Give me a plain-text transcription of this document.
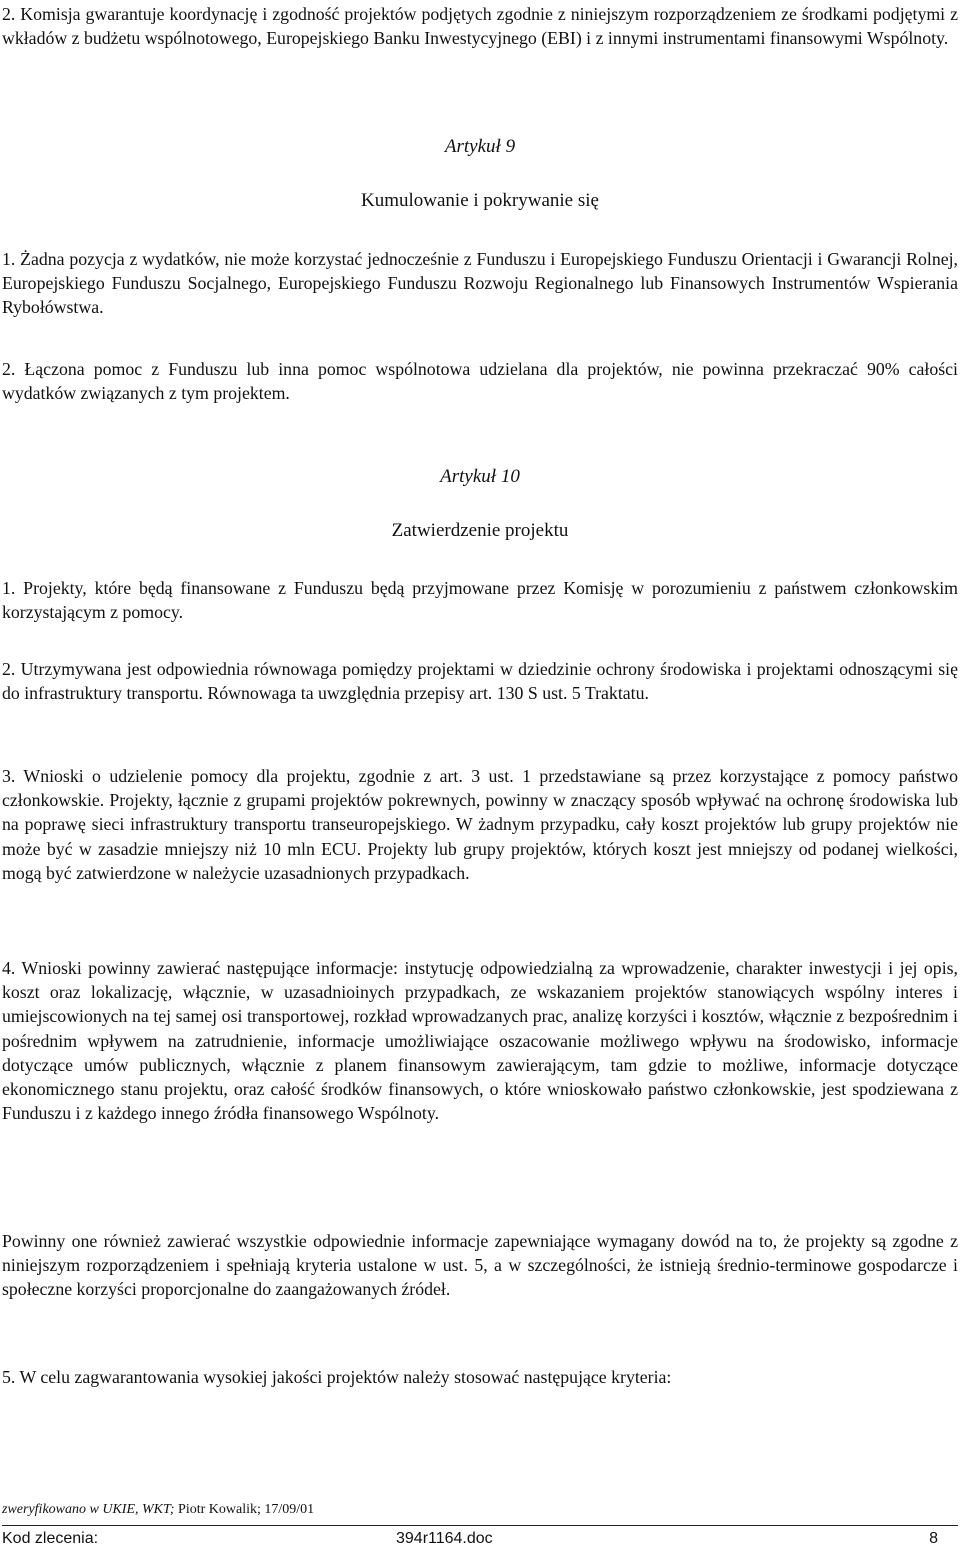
2. Komisja gwarantuje koordynację i zgodność projektów podjętych zgodnie z niniejszym rozporządzeniem ze środkami podjętymi z wkładów z budżetu wspólnotowego, Europejskiego Banku Inwestycyjnego (EBI) i z innymi instrumentami finansowymi Wspólnoty.

Artykuł 9

Kumulowanie i pokrywanie się

1. Żadna pozycja z wydatków, nie może korzystać jednocześnie z Funduszu i Europejskiego Funduszu Orientacji i Gwarancji Rolnej, Europejskiego Funduszu Socjalnego, Europejskiego Funduszu Rozwoju Regionalnego lub Finansowych Instrumentów Wspierania Rybołówstwa.

2. Łączona pomoc z Funduszu lub inna pomoc wspólnotowa udzielana dla projektów, nie powinna przekraczać 90% całości wydatków związanych z tym projektem.

Artykuł 10

Zatwierdzenie projektu

1. Projekty, które będą finansowane z Funduszu będą przyjmowane przez Komisję w porozumieniu z państwem członkowskim korzystającym z pomocy.

2. Utrzymywana jest odpowiednia równowaga pomiędzy projektami w dziedzinie ochrony środowiska i projektami odnoszącymi się do infrastruktury transportu. Równowaga ta uwzględnia przepisy art. 130 S ust. 5 Traktatu.

3. Wnioski o udzielenie pomocy dla projektu, zgodnie z art. 3 ust. 1 przedstawiane są przez korzystające z pomocy państwo członkowskie. Projekty, łącznie z grupami projektów pokrewnych, powinny w znaczący sposób wpływać na ochronę środowiska lub na poprawę sieci infrastruktury transportu transeuropejskiego. W żadnym przypadku, cały koszt projektów lub grupy projektów nie może być w zasadzie mniejszy niż 10 mln ECU. Projekty lub grupy projektów, których koszt jest mniejszy od podanej wielkości, mogą być zatwierdzone w należycie uzasadnionych przypadkach.

4. Wnioski powinny zawierać następujące informacje: instytucję odpowiedzialną za wprowadzenie, charakter inwestycji i jej opis, koszt oraz lokalizację, włącznie, w uzasadnioinych przypadkach, ze wskazaniem projektów stanowiących wspólny interes i umiejscowionych na tej samej osi transportowej, rozkład wprowadzanych prac, analizę korzyści i kosztów, włącznie z bezpośrednim i pośrednim wpływem na zatrudnienie, informacje umożliwiające oszacowanie możliwego wpływu na środowisko, informacje dotyczące umów publicznych, włącznie z planem finansowym zawierającym, tam gdzie to możliwe, informacje dotyczące ekonomicznego stanu projektu, oraz całość środków finansowych, o które wnioskowało państwo członkowskie, jest spodziewana z Funduszu i z każdego innego źródła finansowego Wspólnoty.

Powinny one również zawierać wszystkie odpowiednie informacje zapewniające wymagany dowód na to, że projekty są zgodne z niniejszym rozporządzeniem i spełniają kryteria ustalone w ust. 5, a w szczególności, że istnieją średnio-terminowe gospodarcze i społeczne korzyści proporcjonalne do zaangażowanych źródeł.

5. W celu zagwarantowania wysokiej jakości projektów należy stosować następujące kryteria:

zweryfikowano w UKIE, WKT; Piotr Kowalik; 17/09/01

Kod zlecenia:	394r1164.doc	8
